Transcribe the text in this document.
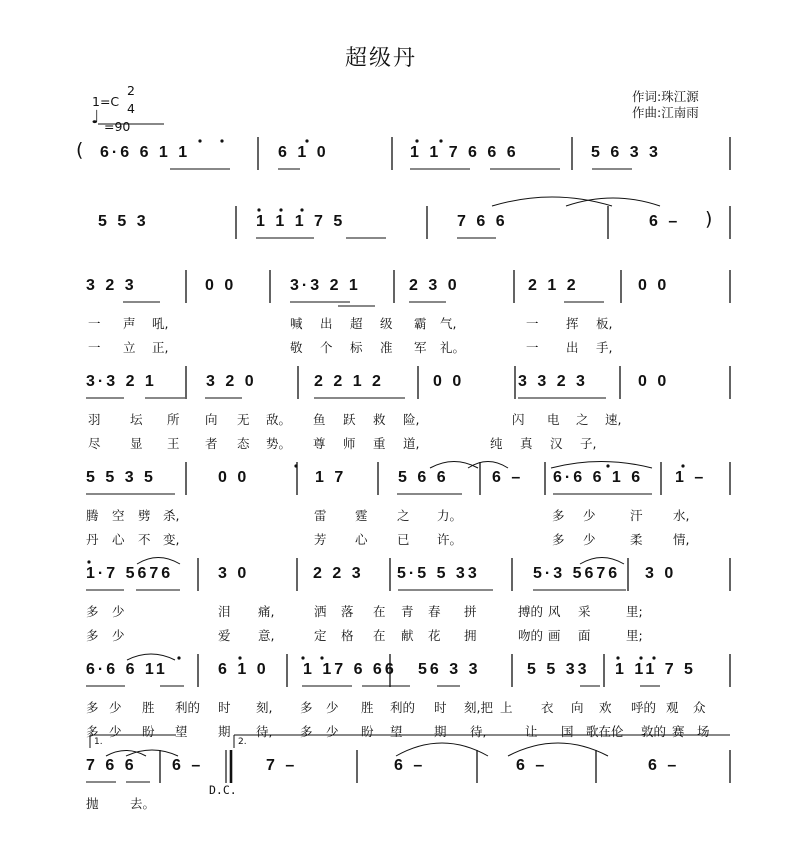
超级丹
1=C
2
4
♩ =90
作词:珠江源
作曲:江南雨
6·6 6 1 1	6 1 0	1 1 7 6 6 6	5 6 3 3
5 5 3	1 1 1 7 5	7 6 6	6 –
3 2 3	0 0	3·3 2 1	2 3 0	2 1 2	0 0
一 声 吼,	喊 出 超 级 霸 气,	一 挥 板,
一 立 正,	敬 个 标 准 军 礼。	一 出 手,
3·3 2 1	3 2 0	2 2 1 2	0 0	3 3 2 3	0 0
羽 坛 所 向 无 敌。 鱼 跃 救 险,	闪 电 之 速,
尽 显 王 者 态 势。 尊 师 重 道,	纯 真 汉 子,
5 5 3 5	0 0	1 7	5 6 6	6 – 6·6 6 1 6 1 –
腾 空 劈 杀,	雷 霆 之 力。	多 少	汗 水,
丹 心 不 变,	芳 心 已 许。	多 少	柔 情,
1·7 5676	3 0	2 2 3 5·5 5 33	5·3 5676 3 0
多 少	泪 痛,	洒 落 在 青 春 拼	搏的 风 采	里;
多 少	爱 意,	定 格 在 献 花 拥	吻的 画 面	里;
6·6 6 11	6 1 0 1 17 6 66 56 3 3	5 5 33 1 11 7 5
多 少 胜 利的 时 刻, 多 少 胜 利的 时 刻,把 上 衣 向 欢 呼的 观 众
多 少 盼 望 期 待, 多 少 盼 望	期 待,	让 国 歌在 伦 敦的 赛 场
7 6 6 6 –	7 –	6 –	6 –	6 –
抛	去。
(
)
D.C.
1.	2.
